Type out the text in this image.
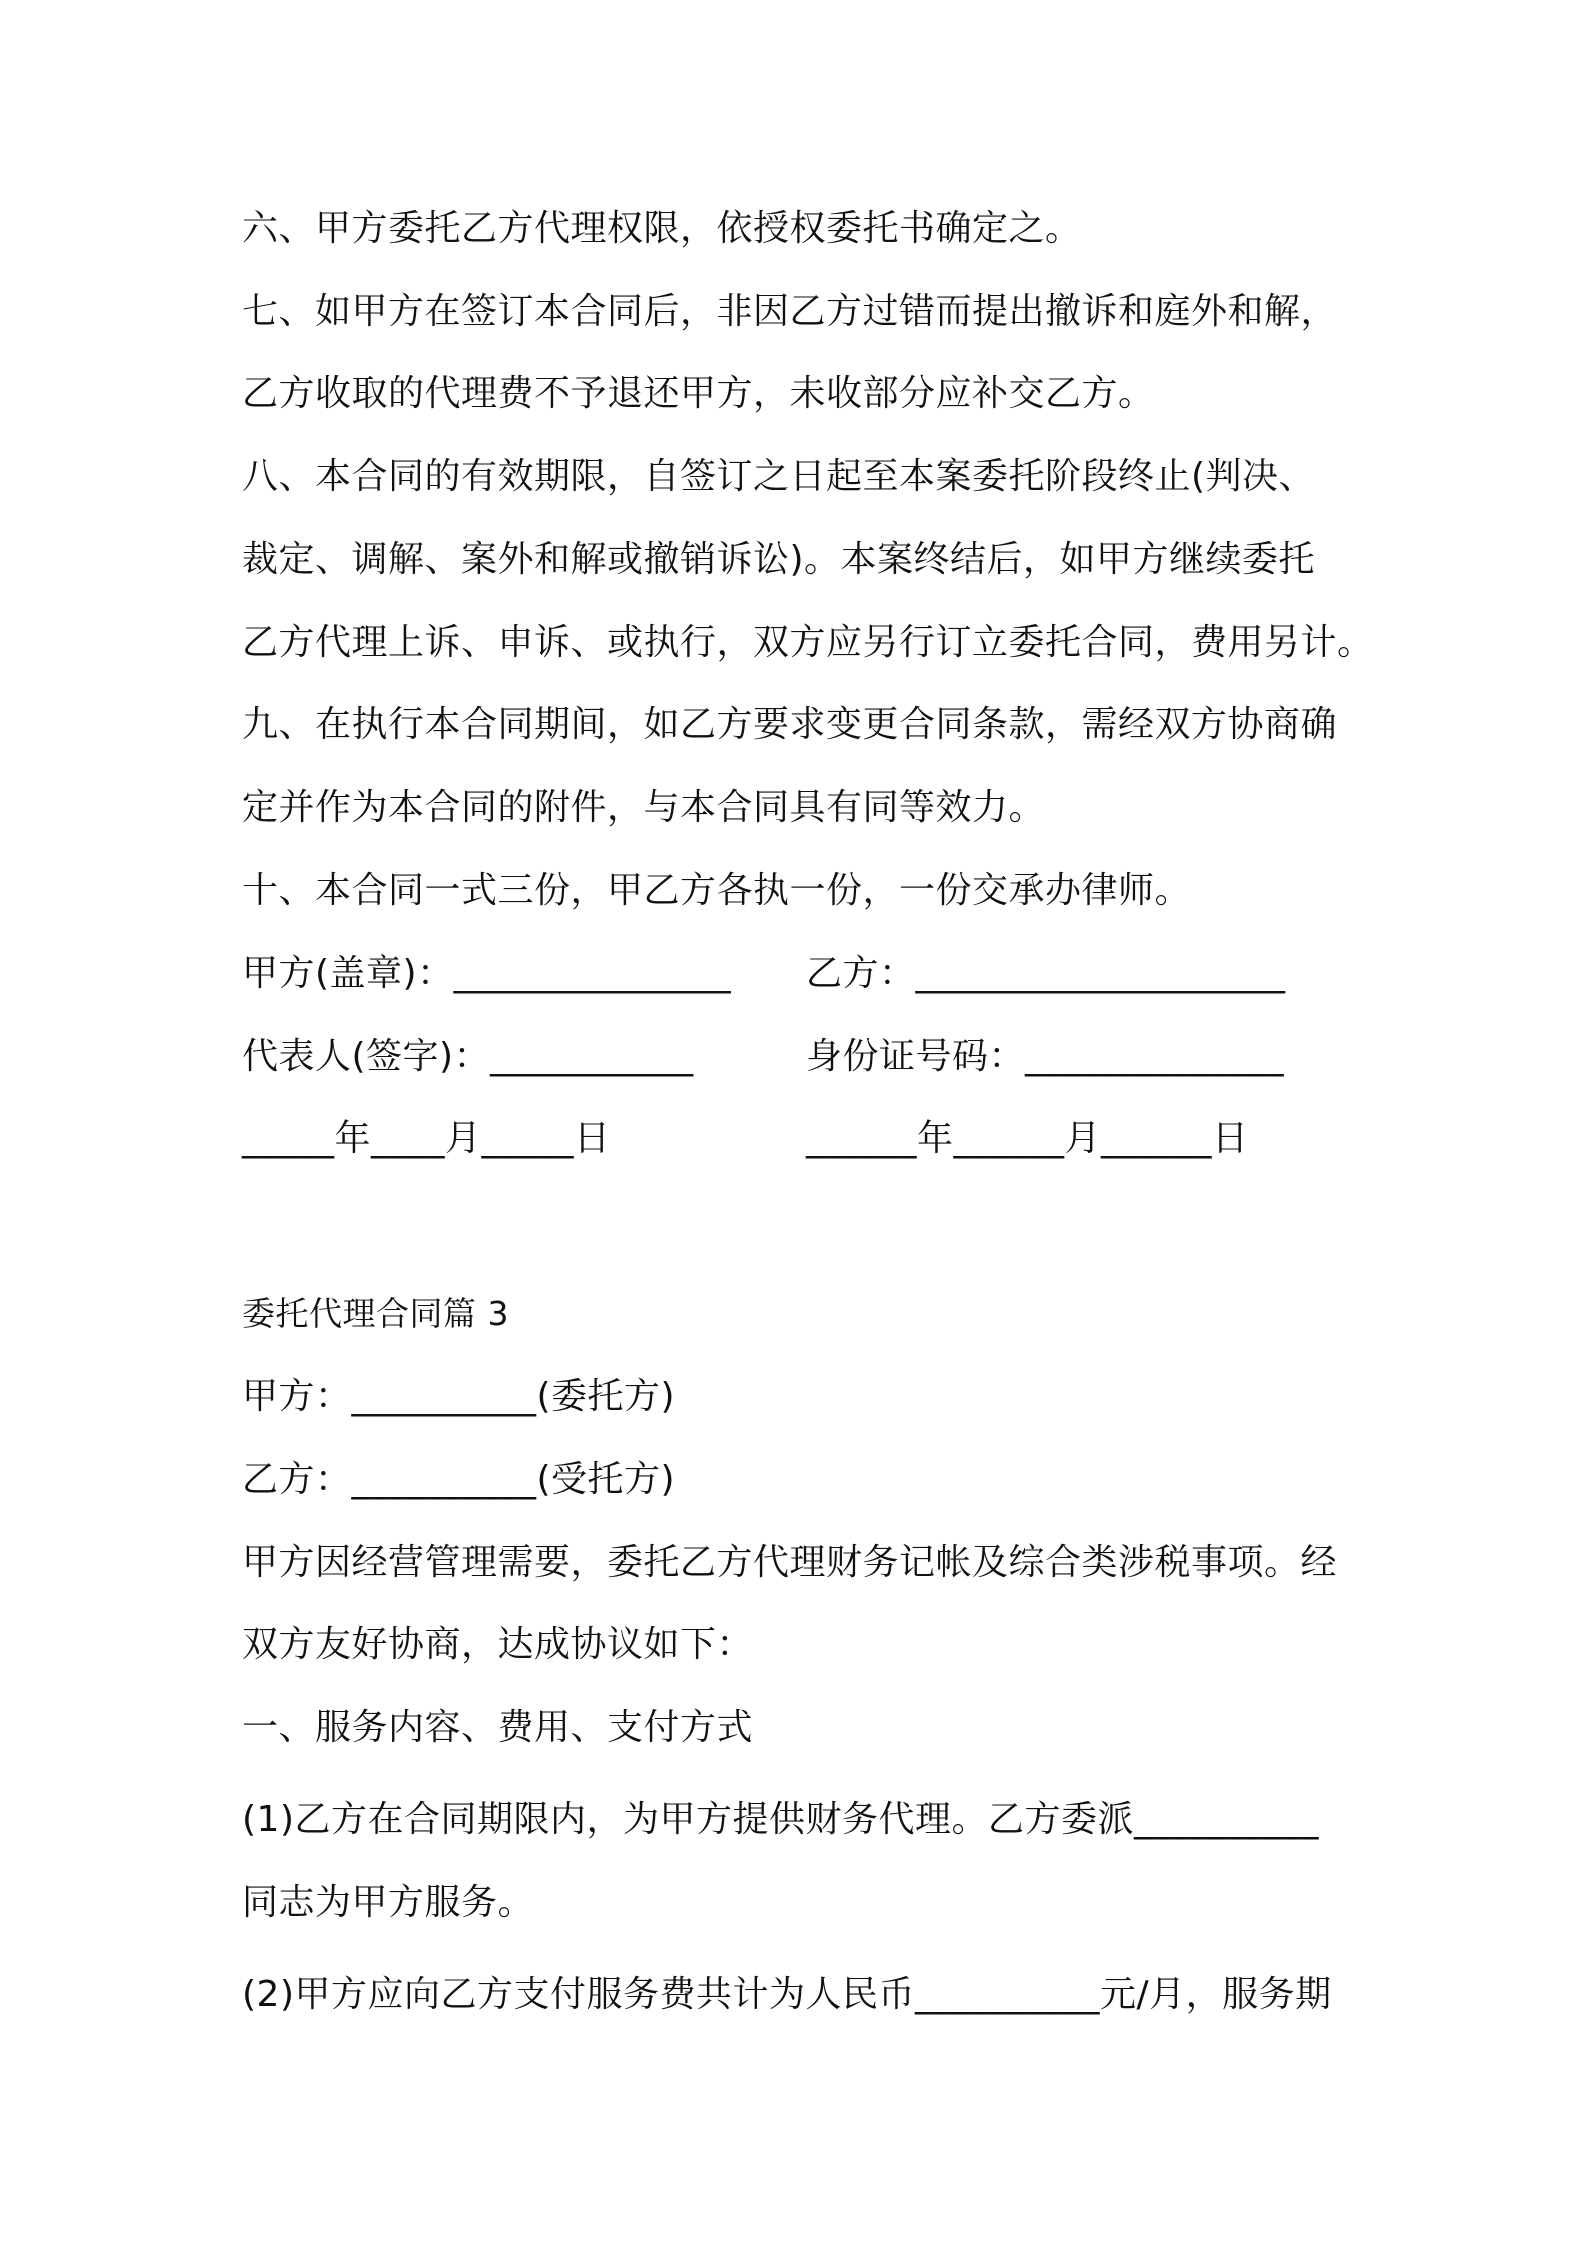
六、甲方委托乙方代理权限，依授权委托书确定之。
七、如甲方在签订本合同后，非因乙方过错而提出撤诉和庭外和解，
乙方收取的代理费不予退还甲方，未收部分应补交乙方。
八、本合同的有效期限，自签订之日起至本案委托阶段终止(判决、
裁定、调解、案外和解或撤销诉讼)。本案终结后，如甲方继续委托
乙方代理上诉、申诉、或执行，双方应另行订立委托合同，费用另计。
九、在执行本合同期间，如乙方要求变更合同条款，需经双方协商确
定并作为本合同的附件，与本合同具有同等效力。
十、本合同一式三份，甲乙方各执一份，一份交承办律师。
甲方(盖章)：_______________ 乙方：____________________
代表人(签字)：___________	身份证号码：______________
_____年____月_____日	______年______月______日
委托代理合同篇 3
甲方：__________(委托方)
乙方：__________(受托方)
甲方因经营管理需要，委托乙方代理财务记帐及综合类涉税事项。经
双方友好协商，达成协议如下：
一、服务内容、费用、支付方式
(1)乙方在合同期限内，为甲方提供财务代理。乙方委派__________
同志为甲方服务。
(2)甲方应向乙方支付服务费共计为人民币__________元/月，服务期
